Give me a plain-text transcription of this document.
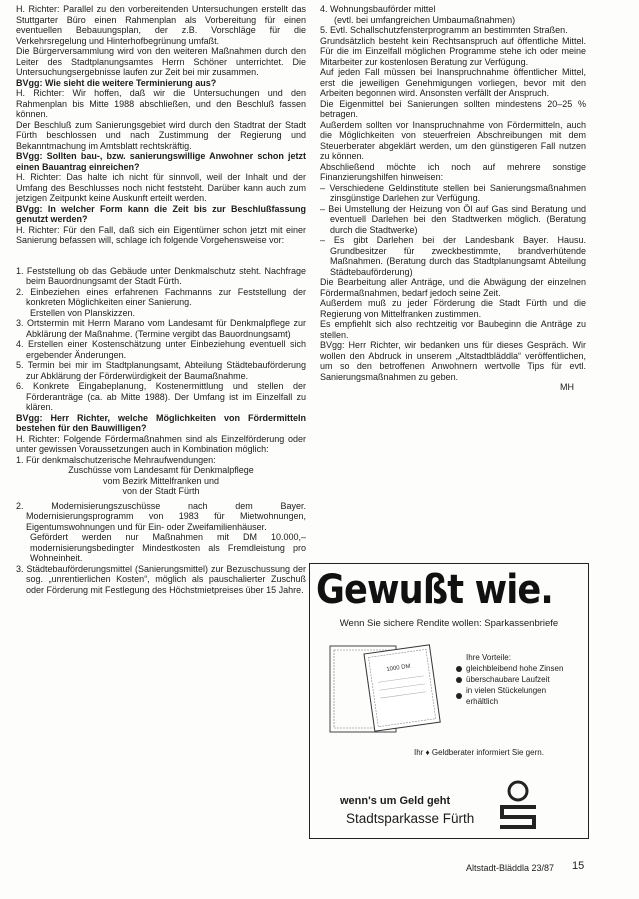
H. Richter: Parallel zu den vorbereitenden Untersuchungen erstellt das Stuttgarter Büro einen Rahmenplan als Vorbereitung für einen eventuellen Bebauungsplan, der z.B. Vorschläge für die Verkehrsregelung und Hinterhofbegrünung umfaßt.
Die Bürgerversammlung wird von den weiteren Maßnahmen durch den Leiter des Stadtplanungsamtes Herrn Schöner unterrichtet. Die Untersuchungsergebnisse laufen zur Zeit bei mir zusammen.
BVgg: Wie sieht die weitere Terminierung aus?
H. Richter: Wir hoffen, daß wir die Untersuchungen und den Rahmenplan bis Mitte 1988 abschließen, und den Beschluß fassen können.
Der Beschluß zum Sanierungsgebiet wird durch den Stadtrat der Stadt Fürth beschlossen und nach Zustimmung der Regierung und Bekanntmachung im Amtsblatt rechtskräftig.
BVgg: Sollten bau-, bzw. sanierungswillige Anwohner schon jetzt einen Bauantrag einreichen?
H. Richter: Das halte ich nicht für sinnvoll, weil der Inhalt und der Umfang des Beschlusses noch nicht feststeht. Darüber kann auch zum jetzigen Zeitpunkt keine Auskunft erteilt werden.
BVgg: In welcher Form kann die Zeit bis zur Beschlußfassung genutzt werden?
H. Richter: Für den Fall, daß sich ein Eigentümer schon jetzt mit einer Sanierung befassen will, schlage ich folgende Vorgehensweise vor:
1. Feststellung ob das Gebäude unter Denkmalschutz steht. Nachfrage beim Bauordnungsamt der Stadt Fürth.
2. Einbeziehen eines erfahrenen Fachmanns zur Feststellung der konkreten Möglichkeiten einer Sanierung.
Erstellen von Planskizzen.
3. Ortstermin mit Herrn Marano vom Landesamt für Denkmalpflege zur Abklärung der Maßnahme. (Termine vergibt das Bauordnungsamt)
4. Erstellen einer Kostenschätzung unter Einbeziehung eventuell sich ergebender Änderungen.
5. Termin bei mir im Stadtplanungsamt, Abteilung Städtebauförderung zur Abklärung der Förderwürdigkeit der Baumaßnahme.
6. Konkrete Eingabeplanung, Kostenermittlung und stellen der Förderanträge (ca. ab Mitte 1988). Der Umfang ist im Einzelfall zu klären.
BVgg: Herr Richter, welche Möglichkeiten von Fördermitteln bestehen für den Bauwilligen?
H. Richter: Folgende Fördermaßnahmen sind als Einzelförderung oder unter gewissen Voraussetzungen auch in Kombination möglich:
1. Für denkmalschutzerische Mehraufwendungen:
Zuschüsse vom Landesamt für Denkmalpflege
vom Bezirk Mittelfranken und
von der Stadt Fürth
2. Modernisierungszuschüsse nach dem Bayer. Modernisierungsprogramm von 1983 für Mietwohnungen, Eigentumswohnungen und für Ein- oder Zweifamilienhäuser.
Gefördert werden nur Maßnahmen mit DM 10.000,– modernisierungsbedingter Mindestkosten als Fremdleistung pro Wohneinheit.
3. Städtebauförderungsmittel (Sanierungsmittel) zur Bezuschussung der sog. „unrentierlichen Kosten“, möglich als pauschalierter Zuschuß oder Förderung mit Festlegung des Höchstmietpreises über 15 Jahre.
4. Wohnungsbauförder mittel
(evtl. bei umfangreichen Umbaumaßnahmen)
5. Evtl. Schallschutzfensterprogramm an bestimmten Straßen.
Grundsätzlich besteht kein Rechtsanspruch auf öffentliche Mittel. Für die im Einzelfall möglichen Programme stehe ich oder meine Mitarbeiter zur kostenlosen Beratung zur Verfügung.
Auf jeden Fall müssen bei Inanspruchnahme öffentlicher Mittel, erst die jeweiligen Genehmigungen vorliegen, bevor mit den Arbeiten begonnen wird. Ansonsten verfällt der Anspruch.
Die Eigenmittel bei Sanierungen sollten mindestens 20–25 % betragen.
Außerdem sollten vor Inanspruchnahme von Fördermitteln, auch die Möglichkeiten von steuerfreien Abschreibungen mit dem Steuerberater abgeklärt werden, um den günstigeren Fall nutzen zu können.
Abschließend möchte ich noch auf mehrere sonstige Finanzierungshilfen hinweisen:
– Verschiedene Geldinstitute stellen bei Sanierungsmaßnahmen zinsgünstige Darlehen zur Verfügung.
– Bei Umstellung der Heizung von Öl auf Gas sind Beratung und eventuell Darlehen bei den Stadtwerken möglich. (Beratung durch die Stadtwerke)
– Es gibt Darlehen bei der Landesbank Bayer. Hausu. Grundbesitzer für zweckbestimmte, brandverhütende Maßnahmen. (Beratung durch das Stadtplanungsamt Abteilung Städtebauförderung)
Die Bearbeitung aller Anträge, und die Abwägung der einzelnen Fördermaßnahmen, bedarf jedoch seine Zeit.
Außerdem muß zu jeder Förderung die Stadt Fürth und die Regierung von Mittelfranken zustimmen.
Es empfiehlt sich also rechtzeitig vor Baubeginn die Anträge zu stellen.
BVgg: Herr Richter, wir bedanken uns für dieses Gespräch. Wir wollen den Abdruck in unserem „Altstadtbläddla“ veröffentlichen, um so den betroffenen Anwohnern wertvolle Tips für evtl. Sanierungsmaßnahmen zu geben.
MH
Gewußt wie.
Wenn Sie sichere Rendite wollen: Sparkassenbriefe
1000 DM
Ihre Vorteile:
gleichbleibend hohe Zinsen
überschaubare Laufzeit
in vielen Stückelungen erhältlich
Ihr ♦ Geldberater informiert Sie gern.
wenn's um Geld geht
Stadtsparkasse Fürth
Altstadt-Bläddla 23/87 15
